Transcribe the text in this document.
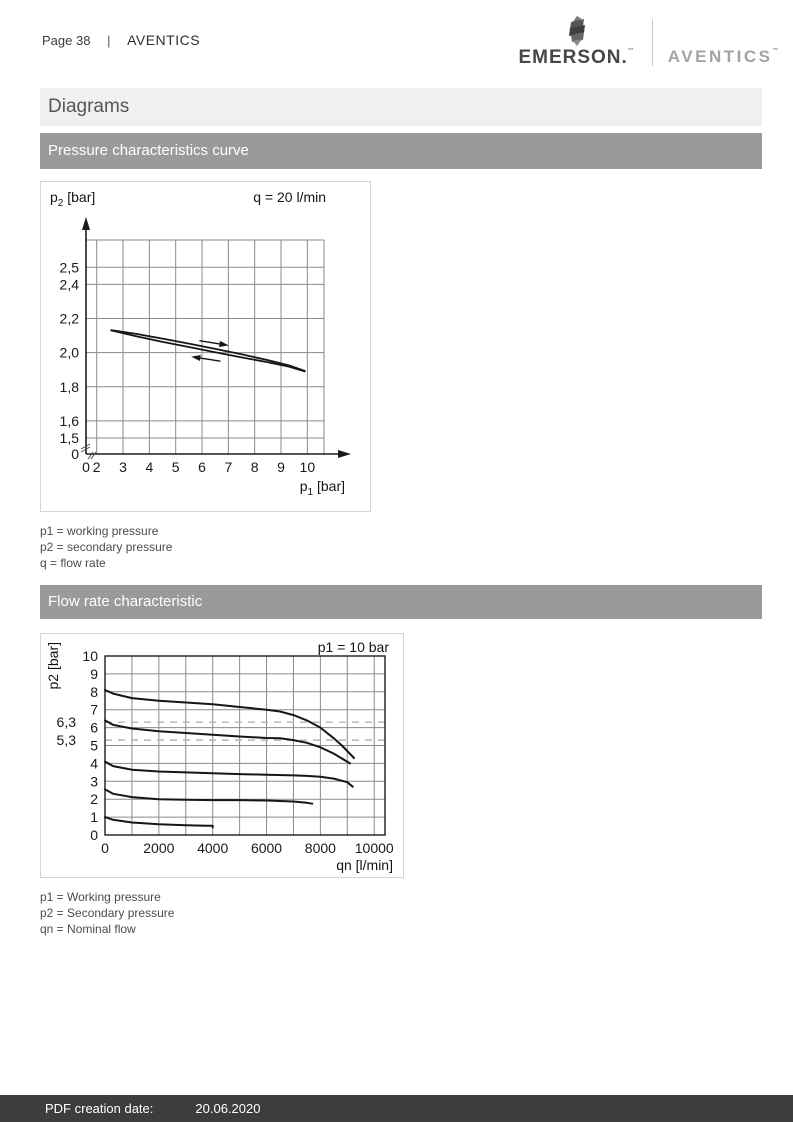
Page 38 | AVENTICS
EMERSON.™ AVENTICS™
Diagrams
Pressure characteristics curve
0
1,5
1,6
1,8
2,0
2,2
2,4
2,5
0 2 3 4 5 6 7 8 9 10
$p_2$ [bar]	q = 20 l/min
$p_1$ [bar]
p1 = working pressure
p2 = secondary pressure
q = flow rate
Flow rate characteristic
0
1
2
3
4
5
6
7
8
9
10
6,3
5,3
0 2000 4000 6000 8000 10000
p2 [bar]	p1 = 10 bar
qn [l/min]
p1 = Working pressure
p2 = Secondary pressure
qn = Nominal flow
PDF creation date:	20.06.2020
